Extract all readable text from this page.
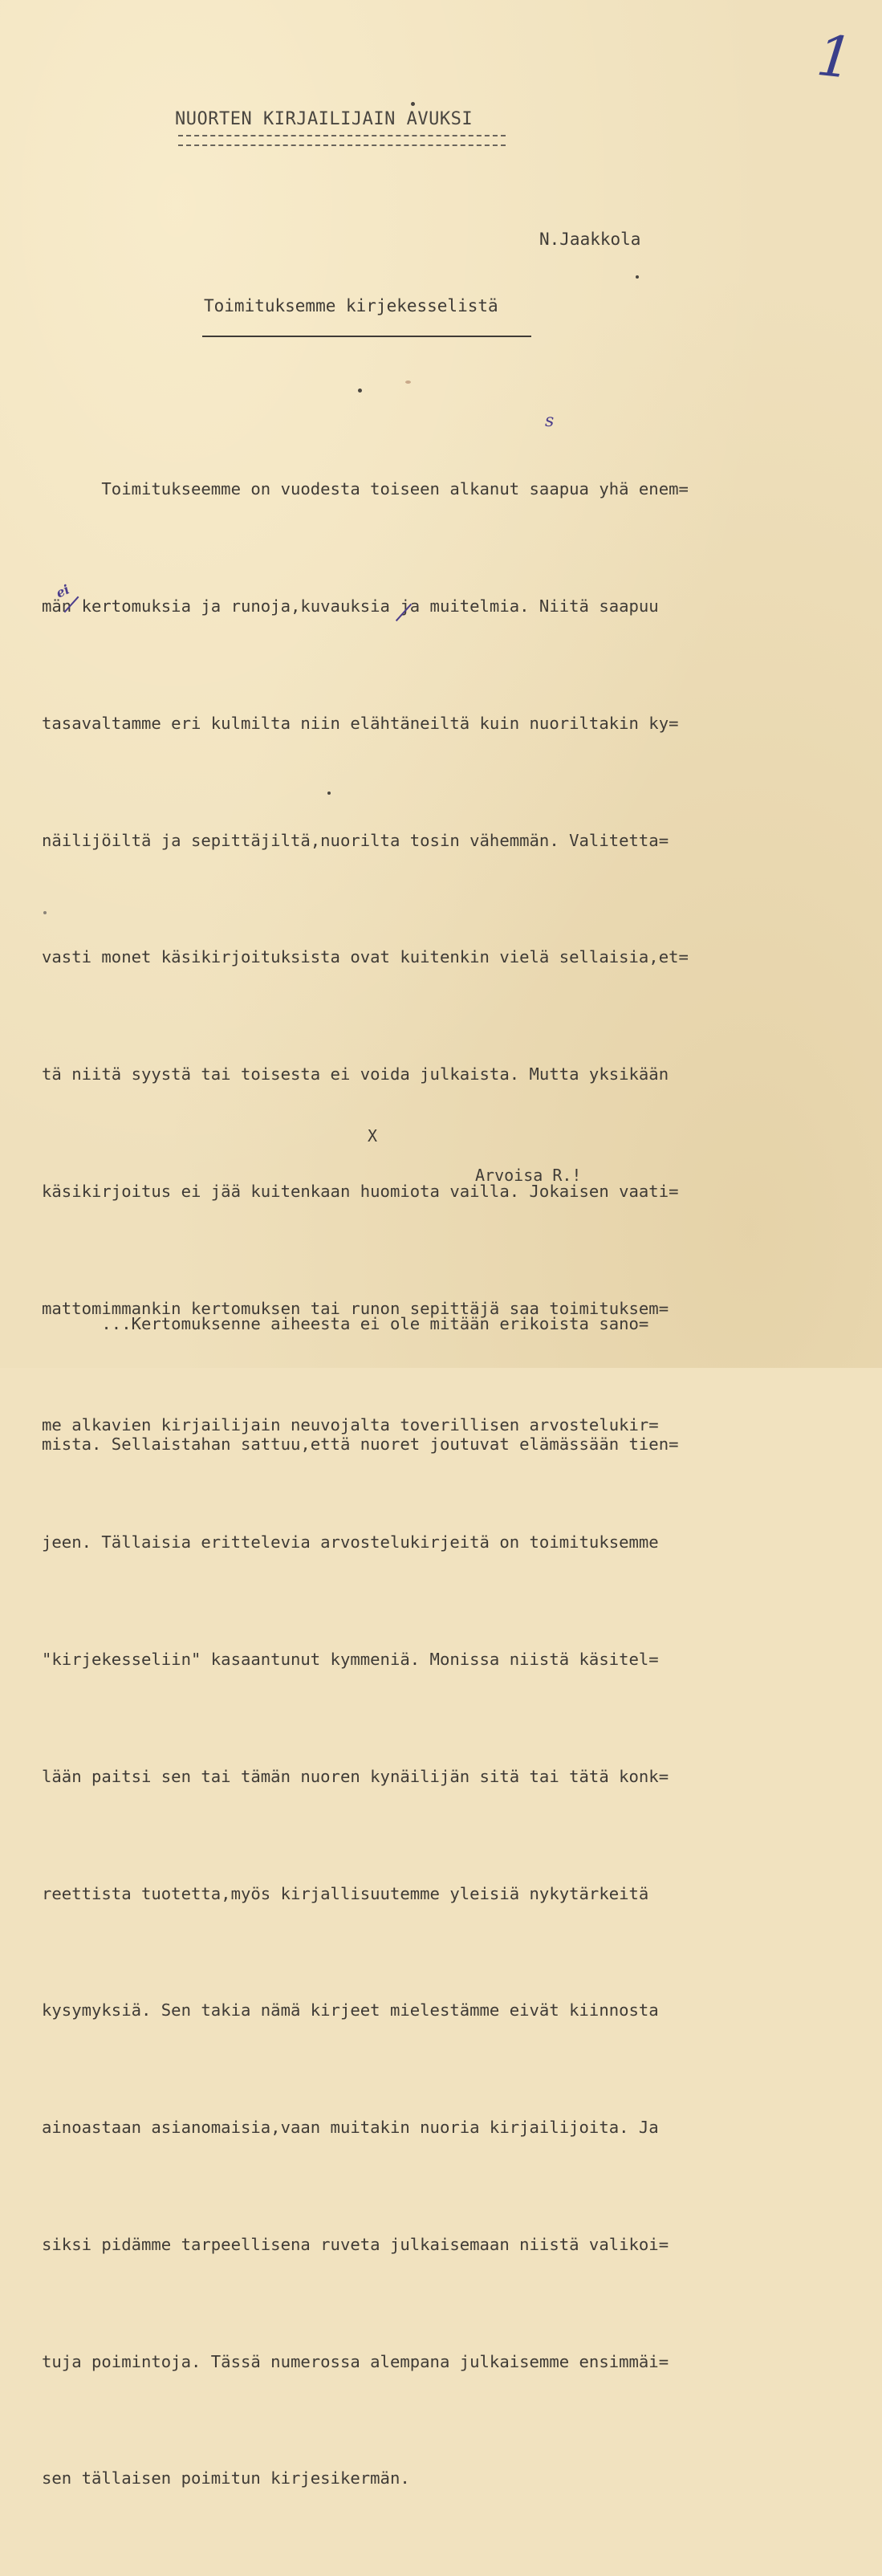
1
NUORTEN KIRJAILIJAIN AVUKSI
N.Jaakkola
Toimituksemme kirjekesselistä

Toimitukseemme on vuodesta toiseen alkanut saapua yhä enem=

män kertomuksia ja runoja,kuvauksia ja muitelmia. Niitä saapuu

tasavaltamme eri kulmilta niin elähtäneiltä kuin nuoriltakin ky=

näilijöiltä ja sepittäjiltä,nuorilta tosin vähemmän. Valitetta=

vasti monet käsikirjoituksista ovat kuitenkin vielä sellaisia,et=

tä niitä syystä tai toisesta ei voida julkaista. Mutta yksikään

käsikirjoitus ei jää kuitenkaan huomiota vailla. Jokaisen vaati=

mattomimmankin kertomuksen tai runon sepittäjä saa toimituksem=

me alkavien kirjailijain neuvojalta toverillisen arvostelukir=

jeen. Tällaisia erittelevia arvostelukirjeitä on toimituksemme

"kirjekesseliin" kasaantunut kymmeniä. Monissa niistä käsitel=

lään paitsi sen tai tämän nuoren kynäilijän sitä tai tätä konk=

reettista tuotetta,myös kirjallisuutemme yleisiä nykytärkeitä

kysymyksiä. Sen takia nämä kirjeet mielestämme eivät kiinnosta

ainoastaan asianomaisia,vaan muitakin nuoria kirjailijoita. Ja

siksi pidämme tarpeellisena ruveta julkaisemaan niistä valikoi=

tuja poimintoja. Tässä numerossa alempana julkaisemme ensimmäi=

sen tällaisen poimitun kirjesikermän.

s
ei
X
Arvoisa R.!

...Kertomuksenne aiheesta ei ole mitään erikoista sano=

mista. Sellaistahan sattuu,että nuoret joutuvat elämässään tien=
